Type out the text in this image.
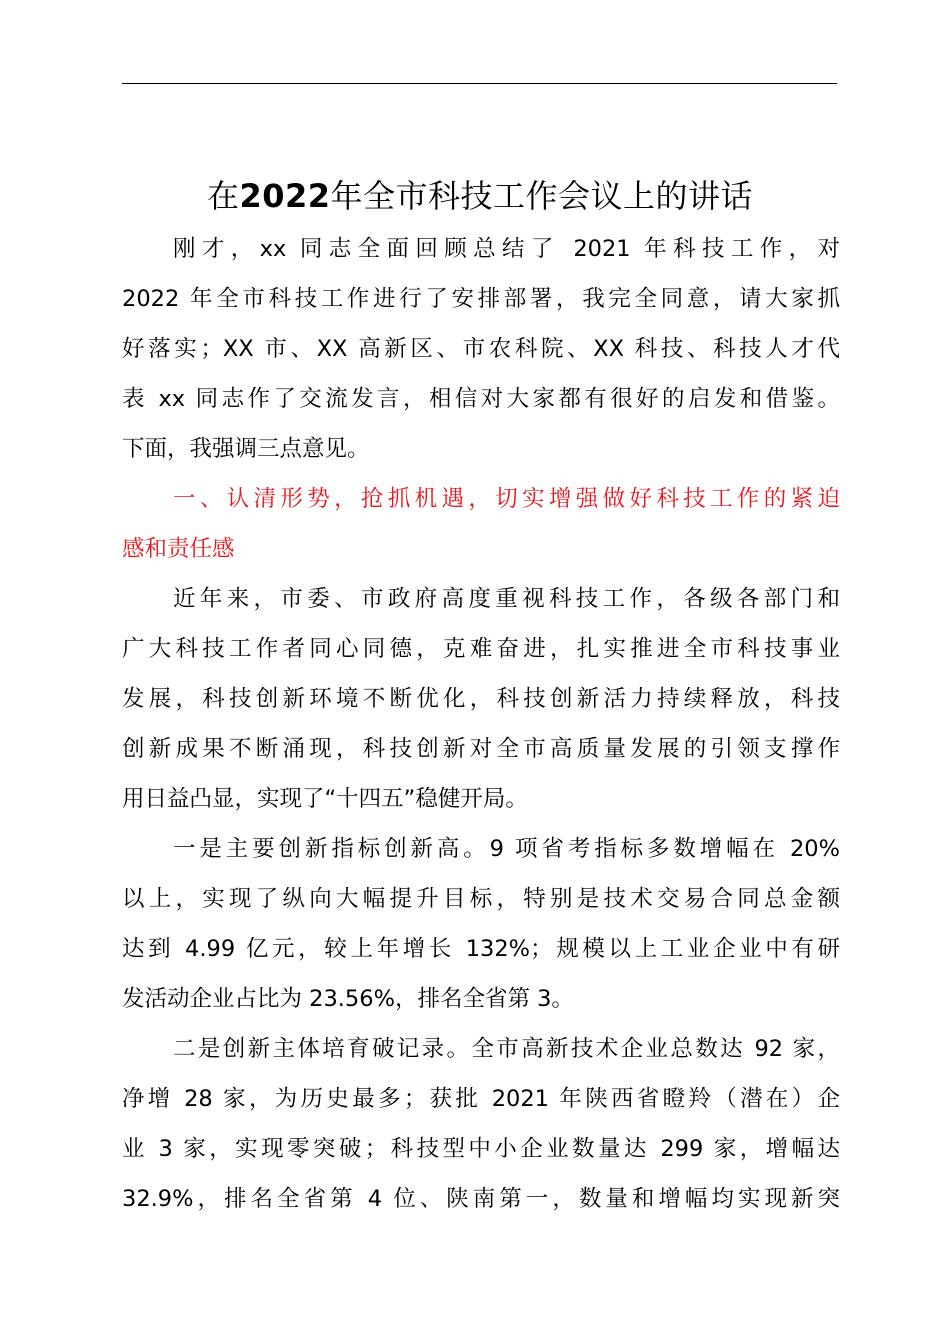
在2022年全市科技工作会议上的讲话
刚才，xx 同志全面回顾总结了 2021 年科技工作，对
2022 年全市科技工作进行了安排部署，我完全同意，请大家抓
好落实；XX 市、XX 高新区、市农科院、XX 科技、科技人才代
表 xx 同志作了交流发言，相信对大家都有很好的启发和借鉴。
下面，我强调三点意见。
一、认清形势，抢抓机遇，切实增强做好科技工作的紧迫
感和责任感
近年来，市委、市政府高度重视科技工作，各级各部门和
广大科技工作者同心同德，克难奋进，扎实推进全市科技事业
发展，科技创新环境不断优化，科技创新活力持续释放，科技
创新成果不断涌现，科技创新对全市高质量发展的引领支撑作
用日益凸显，实现了“十四五”稳健开局。
一是主要创新指标创新高。9 项省考指标多数增幅在 20%
以上，实现了纵向大幅提升目标，特别是技术交易合同总金额
达到 4.99 亿元，较上年增长 132%；规模以上工业企业中有研
发活动企业占比为 23.56%，排名全省第 3。
二是创新主体培育破记录。全市高新技术企业总数达 92 家，
净增 28 家，为历史最多；获批 2021 年陕西省瞪羚（潜在）企
业 3 家，实现零突破；科技型中小企业数量达 299 家，增幅达
32.9%，排名全省第 4 位、陕南第一，数量和增幅均实现新突
